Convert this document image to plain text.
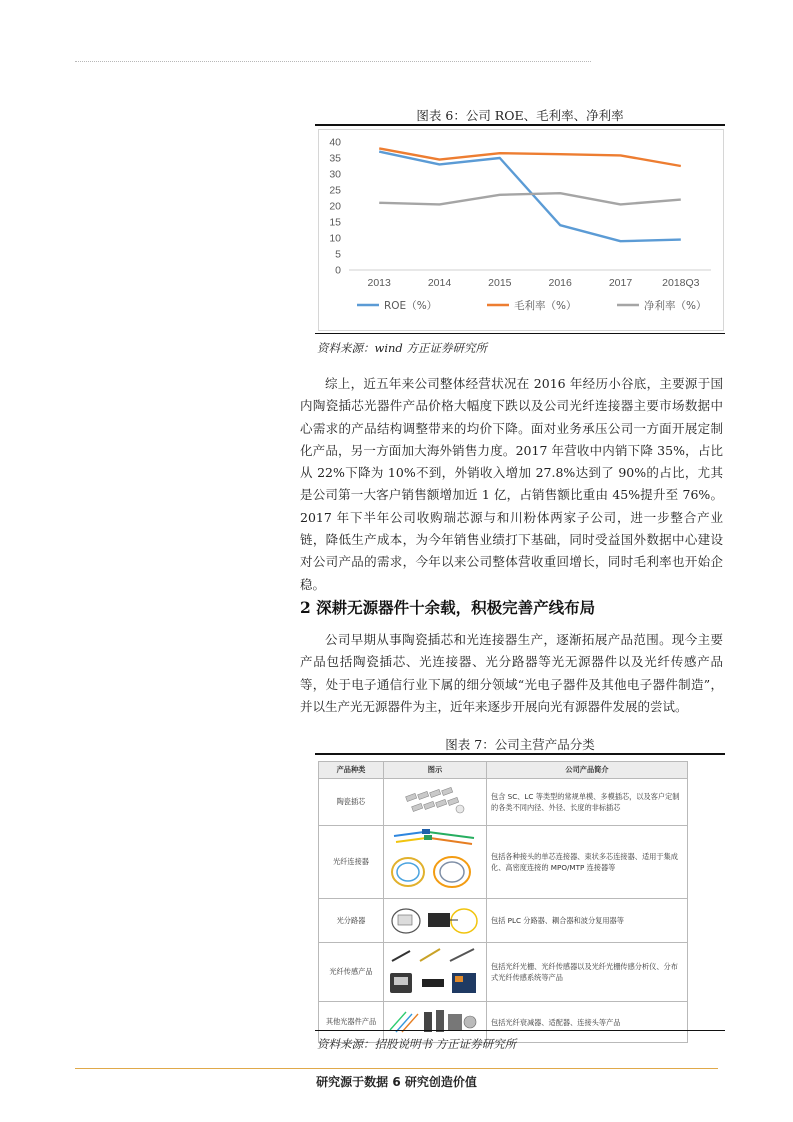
图表 6：公司 ROE、毛利率、净利率
0
5
10
15
20
25
30
35
40
2013	2014	2015	2016	2017	2018Q3
ROE（%）	毛利率（%）	净利率（%）
资料来源：wind 方正证券研究所
综上，近五年来公司整体经营状况在 2016 年经历小谷底，主要源于国内陶瓷插芯光器件产品价格大幅度下跌以及公司光纤连接器主要市场数据中心需求的产品结构调整带来的均价下降。面对业务承压公司一方面开展定制化产品，另一方面加大海外销售力度。2017 年营收中内销下降 35%，占比从 22%下降为 10%不到，外销收入增加 27.8%达到了 90%的占比，尤其是公司第一大客户销售额增加近 1 亿，占销售额比重由 45%提升至 76%。2017 年下半年公司收购瑞芯源与和川粉体两家子公司，进一步整合产业链，降低生产成本，为今年销售业绩打下基础，同时受益国外数据中心建设对公司产品的需求，今年以来公司整体营收重回增长，同时毛利率也开始企稳。
2 深耕无源器件十余载，积极完善产线布局
公司早期从事陶瓷插芯和光连接器生产，逐渐拓展产品范围。现今主要产品包括陶瓷插芯、光连接器、光分路器等光无源器件以及光纤传感产品等，处于电子通信行业下属的细分领域“光电子器件及其他电子器件制造”，并以生产光无源器件为主，近年来逐步开展向光有源器件发展的尝试。
图表 7：公司主营产品分类
产品种类	图示	公司产品简介
陶瓷插芯		包含 SC、LC 等类型的常规单模、多模插芯，以及客户定制的各类不同内径、外径、长度的非标插芯
光纤连接器		包括各种接头的单芯连接器、束状多芯连接器、适用于集成化、高密度连接的 MPO/MTP 连接器等
光分路器		包括 PLC 分路器、耦合器和波分复用器等
光纤传感产品		包括光纤光栅、光纤传感器以及光纤光栅传感分析仪、分布式光纤传感系统等产品
其他光器件产品		包括光纤衰减器、适配器、连接头等产品
资料来源：招股说明书 方正证券研究所
研究源于数据 6 研究创造价值
